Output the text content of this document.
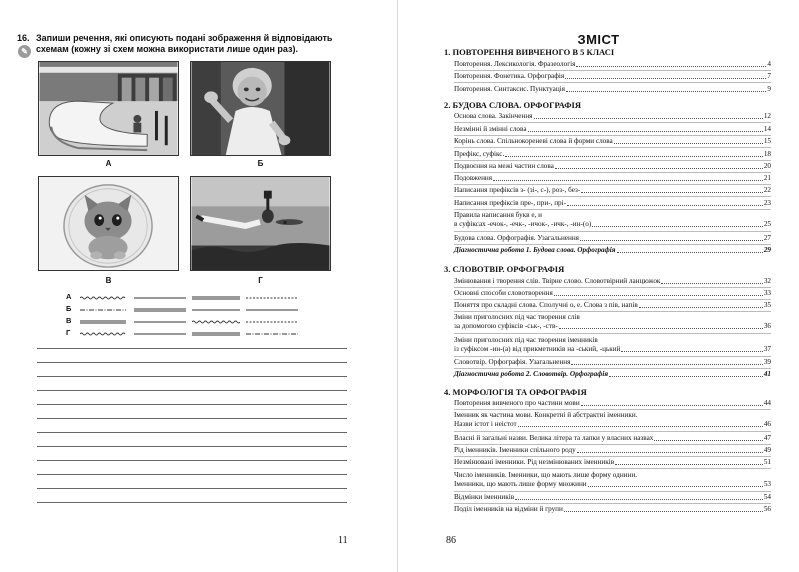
16.
✎
Запиши речення, які описують подані зображення й відповідають схемам (кожну зі схем можна використати лише один раз).
А	Б
В	Г
А
Б
В
Г
11
ЗМІСТ
1. ПОВТОРЕННЯ ВИВЧЕНОГО В 5 КЛАСІ
Повторення. Лексикологія. Фразеологія	4
Повторення. Фонетика. Орфографія	7
Повторення. Синтаксис. Пунктуація	9
2. БУДОВА СЛОВА. ОРФОГРАФІЯ
Основа слова. Закінчення	12
Незмінні й змінні слова	14
Корінь слова. Спільнокореневі слова й форми слова	15
Префікс, суфікс.	18
Подвоєння на межі частин слова	20
Подовження	21
Написання префіксів з- (зі-, с-), роз-, без-	22
Написання префіксів пре-, при-, прі-	23
Правила написання букв е, и
в суфіксах -ечок-, -ечк-, -ичок-, -ичк-, -ин-(о)	25
Будова слова. Орфографія. Узагальнення	27
Діагностична робота 1. Будова слова. Орфографія	29
3. СЛОВОТВІР. ОРФОГРАФІЯ
Змінювання і творення слів. Твірне слово. Словотвірний ланцюжок	32
Основні способи словотворення	33
Поняття про складні слова. Сполучні о, е. Слова з пів, напів	35
Зміни приголосних під час творення слів
за допомогою суфіксів -ськ-, -ств-	36
Зміни приголосних під час творення іменників
із суфіксом -ин-(а) від прикметників на -ський, -цький	37
Словотвір. Орфографія. Узагальнення	39
Діагностична робота 2. Словотвір. Орфографія	41
4. МОРФОЛОГІЯ ТА ОРФОГРАФІЯ
Повторення вивченого про частини мови	44
Іменник як частина мови. Конкретні й абстрактні іменники.
Назви істот і неістот	46
Власні й загальні назви. Велика літера та лапки у власних назвах	47
Рід іменників. Іменники спільного роду	49
Незмінювані іменники. Рід незмінюваних іменників	51
Число іменників. Іменники, що мають лише форму однини.
Іменники, що мають лише форму множини	53
Відмінки іменників	54
Поділ іменників на відміни й групи	56
86
